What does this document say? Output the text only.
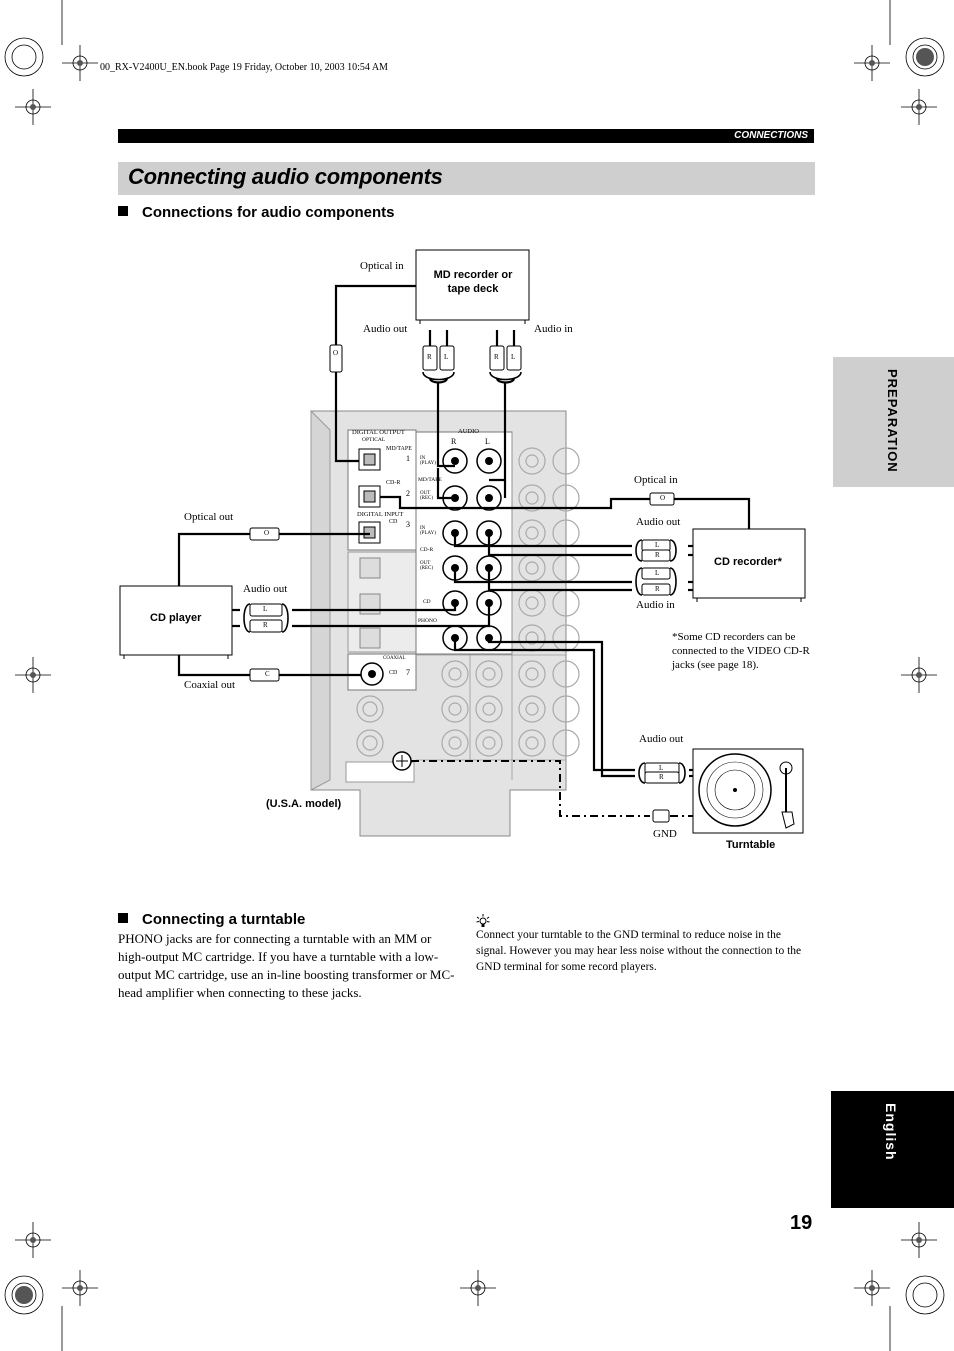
00_RX-V2400U_EN.book Page 19 Friday, October 10, 2003 10:54 AM
CONNECTIONS
Connecting audio components
Connections for audio components
DIGITAL OUTPUT
OPTICAL
AUDIO
R	L
MD/TAPE
1 IN (PLAY)
MD/TAPE
CD-R
2 OUT (REC)
DIGITAL INPUT
CD 3 IN (PLAY)
CD-R
OUT (REC)
CD
PHONO
COAXIAL
CD 7
O
O
O
C
R L	R L
L
R
L
R
L
R
L
R
MD recorder or tape deck
CD recorder*
CD player
Turntable
(U.S.A. model)
Optical in
Audio out	Audio in
Optical in
Audio out
Audio in
Optical out
Audio out
Coaxial out
Audio out
GND
*Some CD recorders can be connected to the VIDEO CD-R jacks (see page 18).
Connecting a turntable
PHONO jacks are for connecting a turntable with an MM or high-output MC cartridge. If you have a turntable with a low-output MC cartridge, use an in-line boosting transformer or MC-head amplifier when connecting to these jacks.
Connect your turntable to the GND terminal to reduce noise in the signal. However you may hear less noise without the connection to the GND terminal for some record players.
PREPARATION
English
19
